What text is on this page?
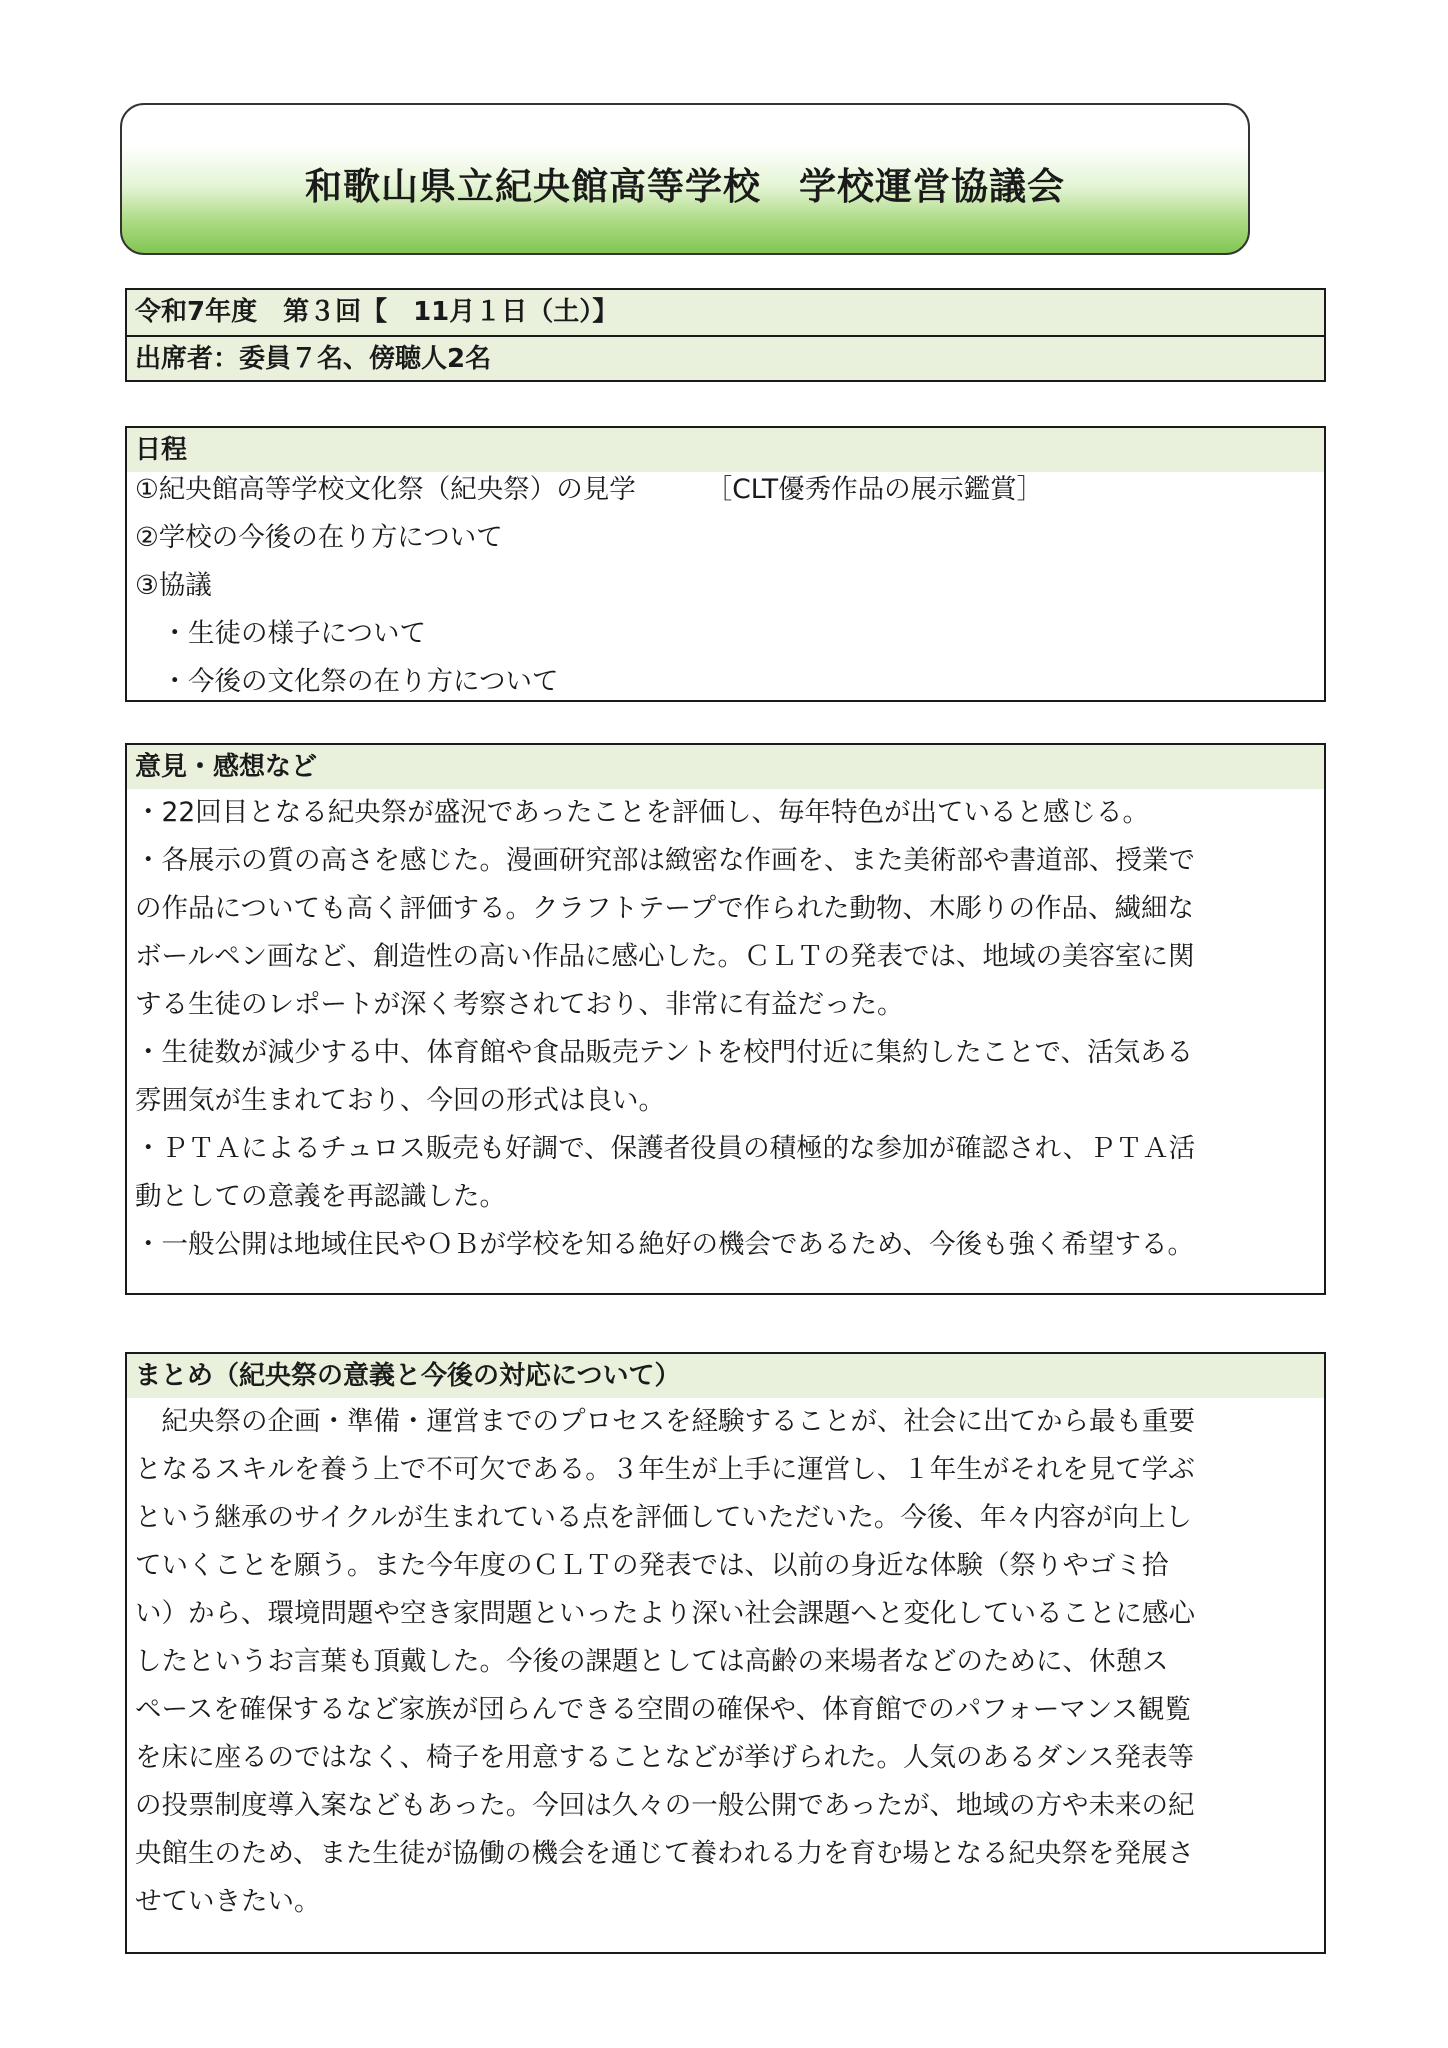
和歌山県立紀央館高等学校　学校運営協議会
令和7年度　第３回【　11月１日（土）】
出席者：委員７名、傍聴人2名
日程
①紀央館高等学校文化祭（紀央祭）の見学	［CLT優秀作品の展示鑑賞］
②学校の今後の在り方について
③協議
　・生徒の様子について
　・今後の文化祭の在り方について
意見・感想など
・22回目となる紀央祭が盛況であったことを評価し、毎年特色が出ていると感じる。
・各展示の質の高さを感じた。漫画研究部は緻密な作画を、また美術部や書道部、授業で
の作品についても高く評価する。クラフトテープで作られた動物、木彫りの作品、繊細な
ボールペン画など、創造性の高い作品に感心した。ＣＬＴの発表では、地域の美容室に関
する生徒のレポートが深く考察されており、非常に有益だった。
・生徒数が減少する中、体育館や食品販売テントを校門付近に集約したことで、活気ある
雰囲気が生まれており、今回の形式は良い。
・ＰＴＡによるチュロス販売も好調で、保護者役員の積極的な参加が確認され、ＰＴＡ活
動としての意義を再認識した。
・一般公開は地域住民やＯＢが学校を知る絶好の機会であるため、今後も強く希望する。
まとめ（紀央祭の意義と今後の対応について）
　紀央祭の企画・準備・運営までのプロセスを経験することが、社会に出てから最も重要
となるスキルを養う上で不可欠である。３年生が上手に運営し、１年生がそれを見て学ぶ
という継承のサイクルが生まれている点を評価していただいた。今後、年々内容が向上し
ていくことを願う。また今年度のＣＬＴの発表では、以前の身近な体験（祭りやゴミ拾
い）から、環境問題や空き家問題といったより深い社会課題へと変化していることに感心
したというお言葉も頂戴した。今後の課題としては高齢の来場者などのために、休憩ス
ペースを確保するなど家族が団らんできる空間の確保や、体育館でのパフォーマンス観覧
を床に座るのではなく、椅子を用意することなどが挙げられた。人気のあるダンス発表等
の投票制度導入案などもあった。今回は久々の一般公開であったが、地域の方や未来の紀
央館生のため、また生徒が協働の機会を通じて養われる力を育む場となる紀央祭を発展さ
せていきたい。
